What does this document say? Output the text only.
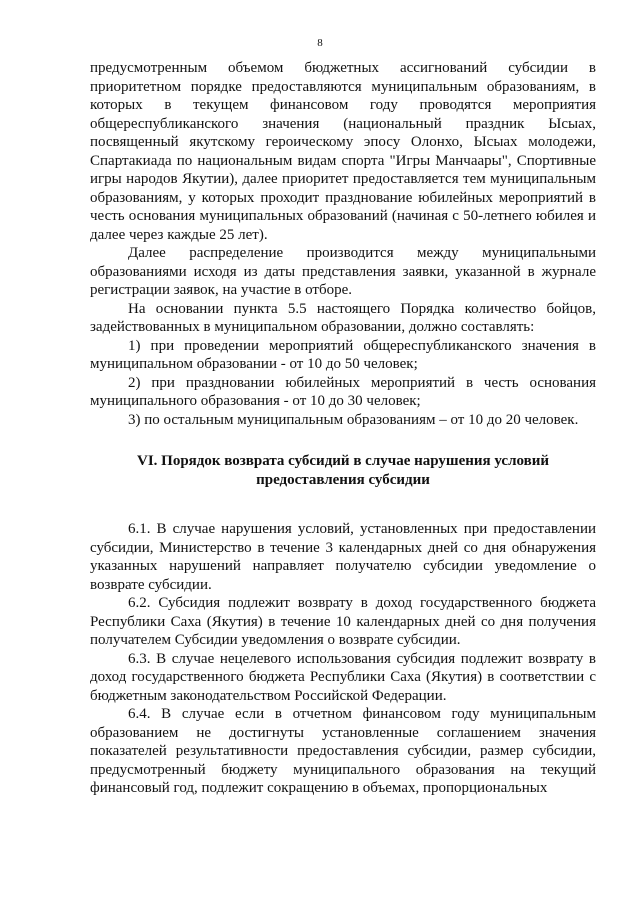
8

предусмотренным объемом бюджетных ассигнований субсидии в приоритетном порядке предоставляются муниципальным образованиям, в которых в текущем финансовом году проводятся мероприятия общереспубликанского значения (национальный праздник Ысыах, посвященный якутскому героическому эпосу Олонхо, Ысыах молодежи, Спартакиада по национальным видам спорта "Игры Манчаары", Спортивные игры народов Якутии), далее приоритет предоставляется тем муниципальным образованиям, у которых проходит празднование юбилейных мероприятий в честь основания муниципальных образований (начиная с 50-летнего юбилея и далее через каждые 25 лет).

Далее распределение производится между муниципальными образованиями исходя из даты представления заявки, указанной в журнале регистрации заявок, на участие в отборе.

На основании пункта 5.5 настоящего Порядка количество бойцов, задействованных в муниципальном образовании, должно составлять:

1) при проведении мероприятий общереспубликанского значения в муниципальном образовании - от 10 до 50 человек;

2) при праздновании юбилейных мероприятий в честь основания муниципального образования - от 10 до 30 человек;

3) по остальным муниципальным образованиям – от 10 до 20 человек.

VI. Порядок возврата субсидий в случае нарушения условий
предоставления субсидии

6.1. В случае нарушения условий, установленных при предоставлении субсидии, Министерство в течение 3 календарных дней со дня обнаружения указанных нарушений направляет получателю субсидии уведомление о возврате субсидии.

6.2. Субсидия подлежит возврату в доход государственного бюджета Республики Саха (Якутия) в течение 10 календарных дней со дня получения получателем Субсидии уведомления о возврате субсидии.

6.3. В случае нецелевого использования субсидия подлежит возврату в доход государственного бюджета Республики Саха (Якутия) в соответствии с бюджетным законодательством Российской Федерации.

6.4. В случае если в отчетном финансовом году муниципальным образованием не достигнуты установленные соглашением значения показателей результативности предоставления субсидии, размер субсидии, предусмотренный бюджету муниципального образования на текущий финансовый год, подлежит сокращению в объемах, пропорциональных
